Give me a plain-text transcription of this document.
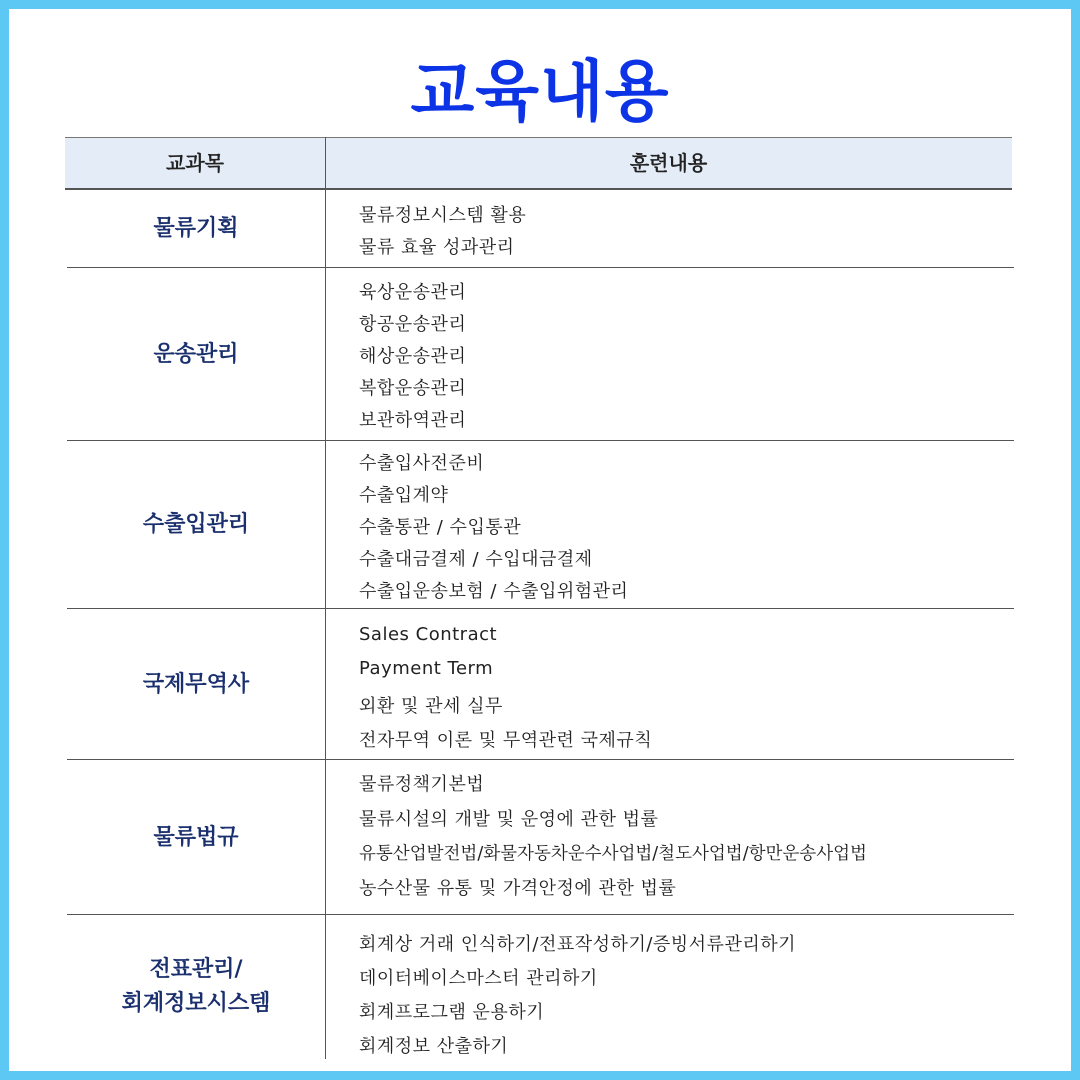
교육내용
교과목	훈련내용
물류기획	물류정보시스템 활용
물류 효율 성과관리
운송관리
육상운송관리
항공운송관리
해상운송관리
복합운송관리
보관하역관리
수출입관리
수출입사전준비
수출입계약
수출통관 / 수입통관
수출대금결제 / 수입대금결제
수출입운송보험 / 수출입위험관리
국제무역사
Sales Contract
Payment Term
외환 및 관세 실무
전자무역 이론 및 무역관련 국제규칙
물류법규
물류정책기본법
물류시설의 개발 및 운영에 관한 법률
유통산업발전법/화물자동차운수사업법/철도사업법/항만운송사업법
농수산물 유통 및 가격안정에 관한 법률
전표관리/
회계정보시스템
회계상 거래 인식하기/전표작성하기/증빙서류관리하기
데이터베이스마스터 관리하기
회계프로그램 운용하기
회계정보 산출하기
